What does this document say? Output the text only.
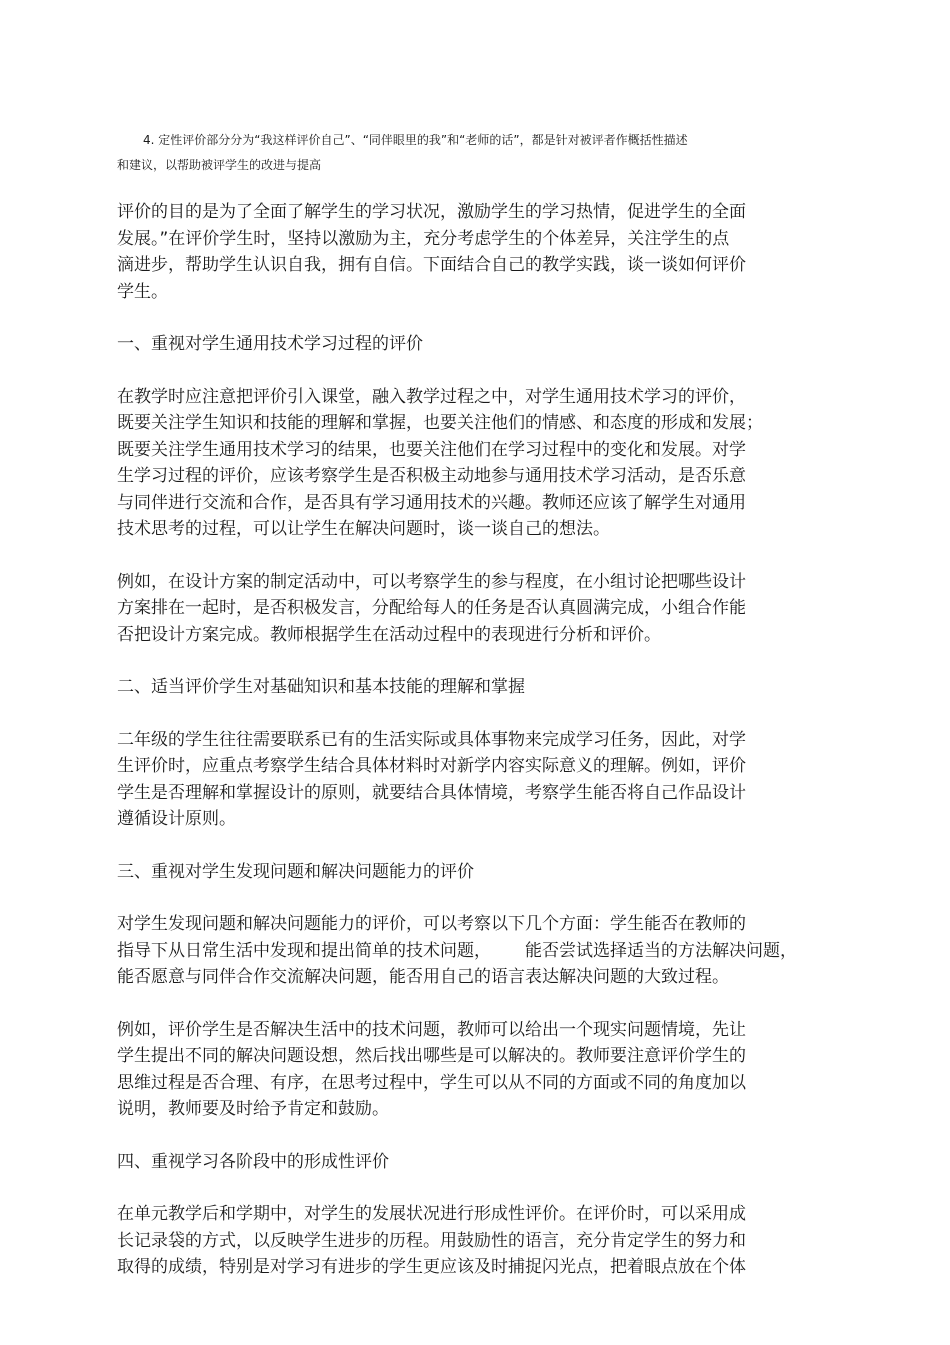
4. 定性评价部分分为“我这样评价自己”、“同伴眼里的我”和“老师的话”，都是针对被评者作概括性描述
和建议，以帮助被评学生的改进与提高

评价的目的是为了全面了解学生的学习状况，激励学生的学习热情，促进学生的全面
发展。”在评价学生时，坚持以激励为主，充分考虑学生的个体差异，关注学生的点
滴进步，帮助学生认识自我，拥有自信。下面结合自己的教学实践，谈一谈如何评价
学生。

一、重视对学生通用技术学习过程的评价

在教学时应注意把评价引入课堂，融入教学过程之中，对学生通用技术学习的评价，
既要关注学生知识和技能的理解和掌握，也要关注他们的情感、和态度的形成和发展；
既要关注学生通用技术学习的结果，也要关注他们在学习过程中的变化和发展。对学
生学习过程的评价，应该考察学生是否积极主动地参与通用技术学习活动，是否乐意
与同伴进行交流和合作，是否具有学习通用技术的兴趣。教师还应该了解学生对通用
技术思考的过程，可以让学生在解决问题时，谈一谈自己的想法。

例如，在设计方案的制定活动中，可以考察学生的参与程度，在小组讨论把哪些设计
方案排在一起时，是否积极发言，分配给每人的任务是否认真圆满完成，小组合作能
否把设计方案完成。教师根据学生在活动过程中的表现进行分析和评价。

二、适当评价学生对基础知识和基本技能的理解和掌握

二年级的学生往往需要联系已有的生活实际或具体事物来完成学习任务，因此，对学
生评价时，应重点考察学生结合具体材料时对新学内容实际意义的理解。例如，评价
学生是否理解和掌握设计的原则，就要结合具体情境，考察学生能否将自己作品设计
遵循设计原则。

三、重视对学生发现问题和解决问题能力的评价

对学生发现问题和解决问题能力的评价，可以考察以下几个方面：学生能否在教师的
指导下从日常生活中发现和提出简单的技术问题， 能否尝试选择适当的方法解决问题，
能否愿意与同伴合作交流解决问题，能否用自己的语言表达解决问题的大致过程。

例如，评价学生是否解决生活中的技术问题，教师可以给出一个现实问题情境，先让
学生提出不同的解决问题设想，然后找出哪些是可以解决的。教师要注意评价学生的
思维过程是否合理、有序，在思考过程中，学生可以从不同的方面或不同的角度加以
说明，教师要及时给予肯定和鼓励。

四、重视学习各阶段中的形成性评价

在单元教学后和学期中，对学生的发展状况进行形成性评价。在评价时，可以采用成
长记录袋的方式，以反映学生进步的历程。用鼓励性的语言，充分肯定学生的努力和
取得的成绩，特别是对学习有进步的学生更应该及时捕捉闪光点，把着眼点放在个体
